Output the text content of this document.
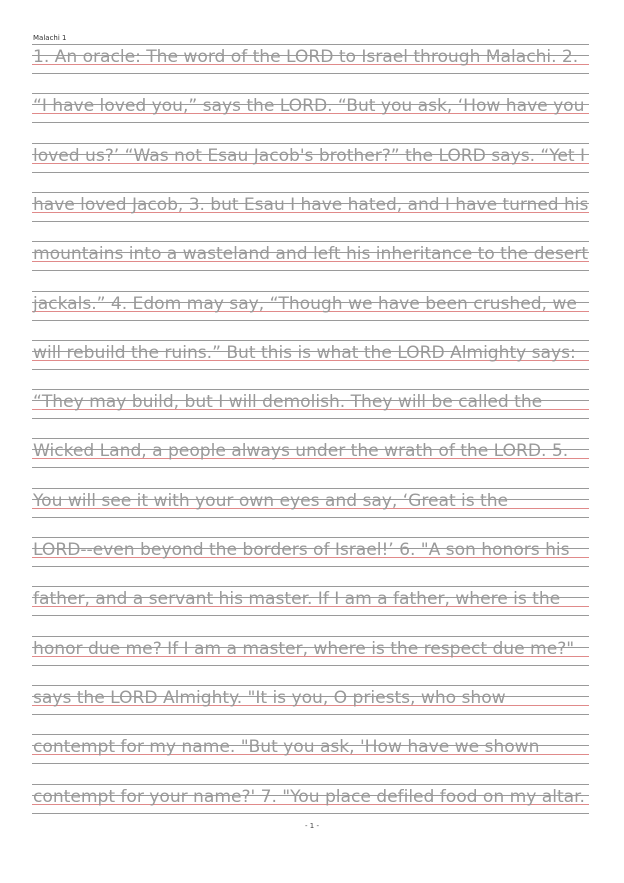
Malachi 1
1. An oracle: The word of the LORD to Israel through Malachi. 2.
“I have loved you,” says the LORD. “But you ask, ‘How have you
loved us?’ “Was not Esau Jacob's brother?” the LORD says. “Yet I
have loved Jacob, 3. but Esau I have hated, and I have turned his
mountains into a wasteland and left his inheritance to the desert
jackals.” 4. Edom may say, “Though we have been crushed, we
will rebuild the ruins.” But this is what the LORD Almighty says:
“They may build, but I will demolish. They will be called the
Wicked Land, a people always under the wrath of the LORD. 5.
You will see it with your own eyes and say, ‘Great is the
LORD--even beyond the borders of Israel!’ 6. "A son honors his
father, and a servant his master. If I am a father, where is the
honor due me? If I am a master, where is the respect due me?"
says the LORD Almighty. "It is you, O priests, who show
contempt for my name. "But you ask, 'How have we shown
contempt for your name?' 7. "You place defiled food on my altar.
- 1 -
